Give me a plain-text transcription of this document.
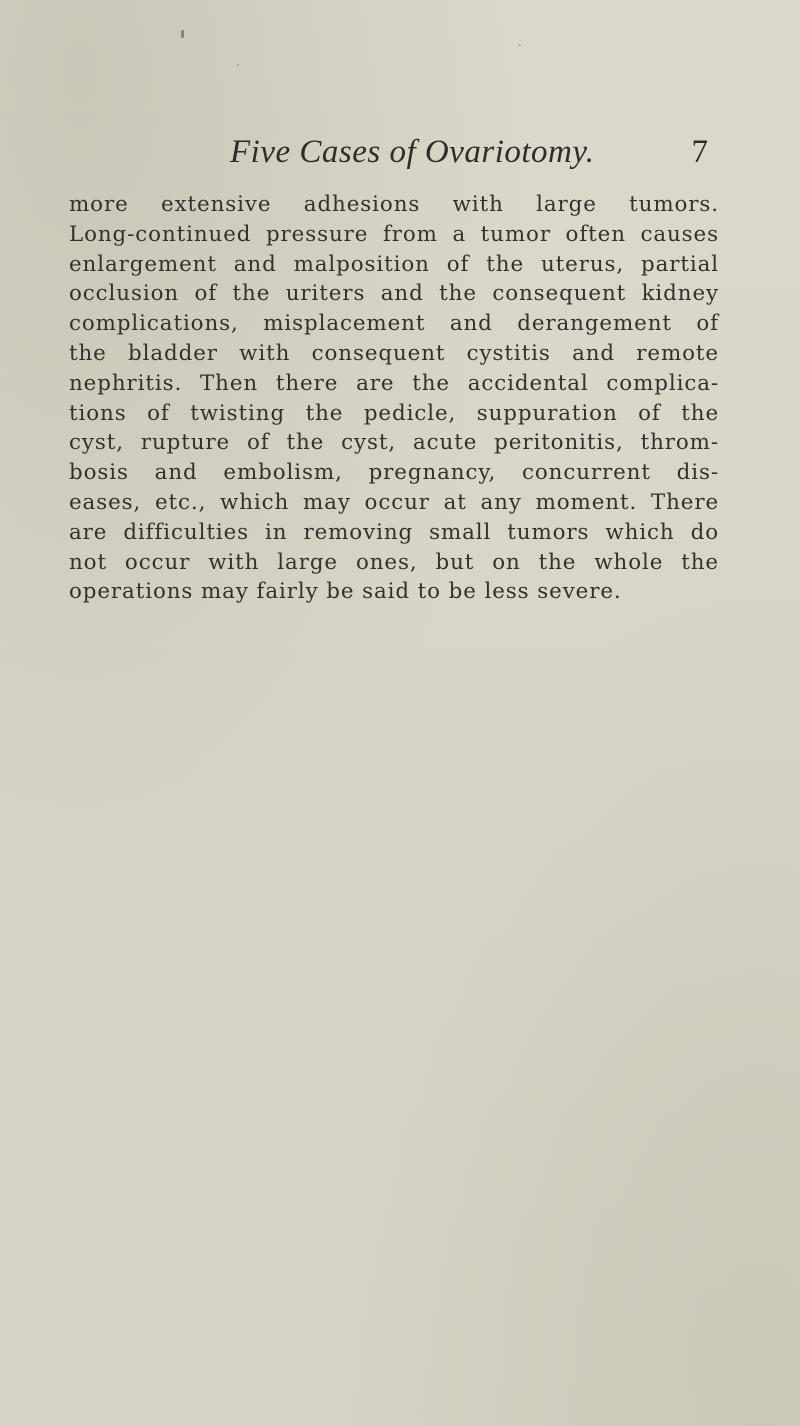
Five Cases of Ovariotomy.	7

more extensive adhesions with large tumors.
Long-continued pressure from a tumor often causes
enlargement and malposition of the uterus, partial
occlusion of the uriters and the consequent kidney
complications, misplacement and derangement of
the bladder with consequent cystitis and remote
nephritis. Then there are the accidental complica-
tions of twisting the pedicle, suppuration of the
cyst, rupture of the cyst, acute peritonitis, throm-
bosis and embolism, pregnancy, concurrent dis-
eases, etc., which may occur at any moment. There
are difficulties in removing small tumors which do
not occur with large ones, but on the whole the
operations may fairly be said to be less severe.
